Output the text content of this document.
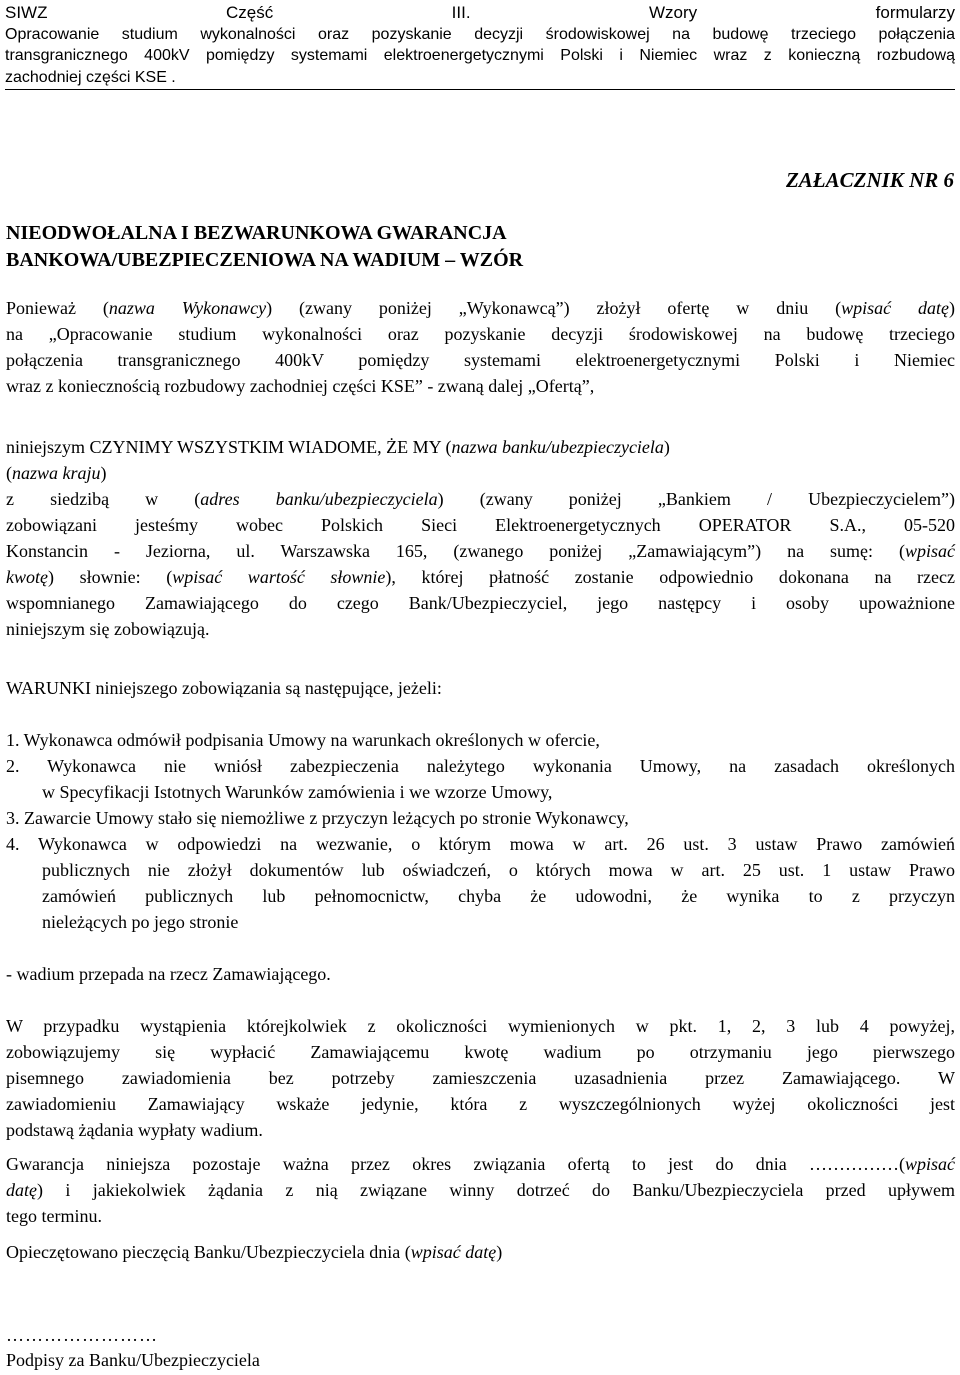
SIWZ Część III. Wzory formularzy
Opracowanie studium wykonalności oraz pozyskanie decyzji środowiskowej na budowę trzeciego połączenia
transgranicznego 400kV pomiędzy systemami elektroenergetycznymi Polski i Niemiec wraz z konieczną rozbudową
zachodniej części KSE .
ZAŁACZNIK NR 6
NIEODWOŁALNA I BEZWARUNKOWA GWARANCJA
BANKOWA/UBEZPIECZENIOWA NA WADIUM – WZÓR
Ponieważ (nazwa Wykonawcy) (zwany poniżej „Wykonawcą”) złożył ofertę w dniu (wpisać datę)
na „Opracowanie studium wykonalności oraz pozyskanie decyzji środowiskowej na budowę trzeciego
połączenia transgranicznego 400kV pomiędzy systemami elektroenergetycznymi Polski i Niemiec
wraz z koniecznością rozbudowy zachodniej części KSE” - zwaną dalej „Ofertą”,
niniejszym CZYNIMY WSZYSTKIM WIADOME, ŻE MY (nazwa banku/ubezpieczyciela)
(nazwa kraju)
z siedzibą w (adres banku/ubezpieczyciela) (zwany poniżej „Bankiem / Ubezpieczycielem”)
zobowiązani jesteśmy wobec Polskich Sieci Elektroenergetycznych OPERATOR S.A., 05-520
Konstancin - Jeziorna, ul. Warszawska 165, (zwanego poniżej „Zamawiającym”) na sumę: (wpisać
kwotę) słownie: (wpisać wartość słownie), której płatność zostanie odpowiednio dokonana na rzecz
wspomnianego Zamawiającego do czego Bank/Ubezpieczyciel, jego następcy i osoby upoważnione
niniejszym się zobowiązują.
WARUNKI niniejszego zobowiązania są następujące, jeżeli:
1. Wykonawca odmówił podpisania Umowy na warunkach określonych w ofercie,
2. Wykonawca nie wniósł zabezpieczenia należytego wykonania Umowy, na zasadach określonych
w Specyfikacji Istotnych Warunków zamówienia i we wzorze Umowy,
3. Zawarcie Umowy stało się niemożliwe z przyczyn leżących po stronie Wykonawcy,
4. Wykonawca w odpowiedzi na wezwanie, o którym mowa w art. 26 ust. 3 ustaw Prawo zamówień
publicznych nie złożył dokumentów lub oświadczeń, o których mowa w art. 25 ust. 1 ustaw Prawo
zamówień publicznych lub pełnomocnictw, chyba że udowodni, że wynika to z przyczyn
nieleżących po jego stronie
- wadium przepada na rzecz Zamawiającego.
W przypadku wystąpienia którejkolwiek z okoliczności wymienionych w pkt. 1, 2, 3 lub 4 powyżej,
zobowiązujemy się wypłacić Zamawiającemu kwotę wadium po otrzymaniu jego pierwszego
pisemnego zawiadomienia bez potrzeby zamieszczenia uzasadnienia przez Zamawiającego. W
zawiadomieniu Zamawiający wskaże jedynie, która z wyszczególnionych wyżej okoliczności jest
podstawą żądania wypłaty wadium.
Gwarancja niniejsza pozostaje ważna przez okres związania ofertą to jest do dnia ……………(wpisać
datę) i jakiekolwiek żądania z nią związane winny dotrzeć do Banku/Ubezpieczyciela przed upływem
tego terminu.
Opieczętowano pieczęcią Banku/Ubezpieczyciela dnia (wpisać datę)
……………………
Podpisy za Banku/Ubezpieczyciela
